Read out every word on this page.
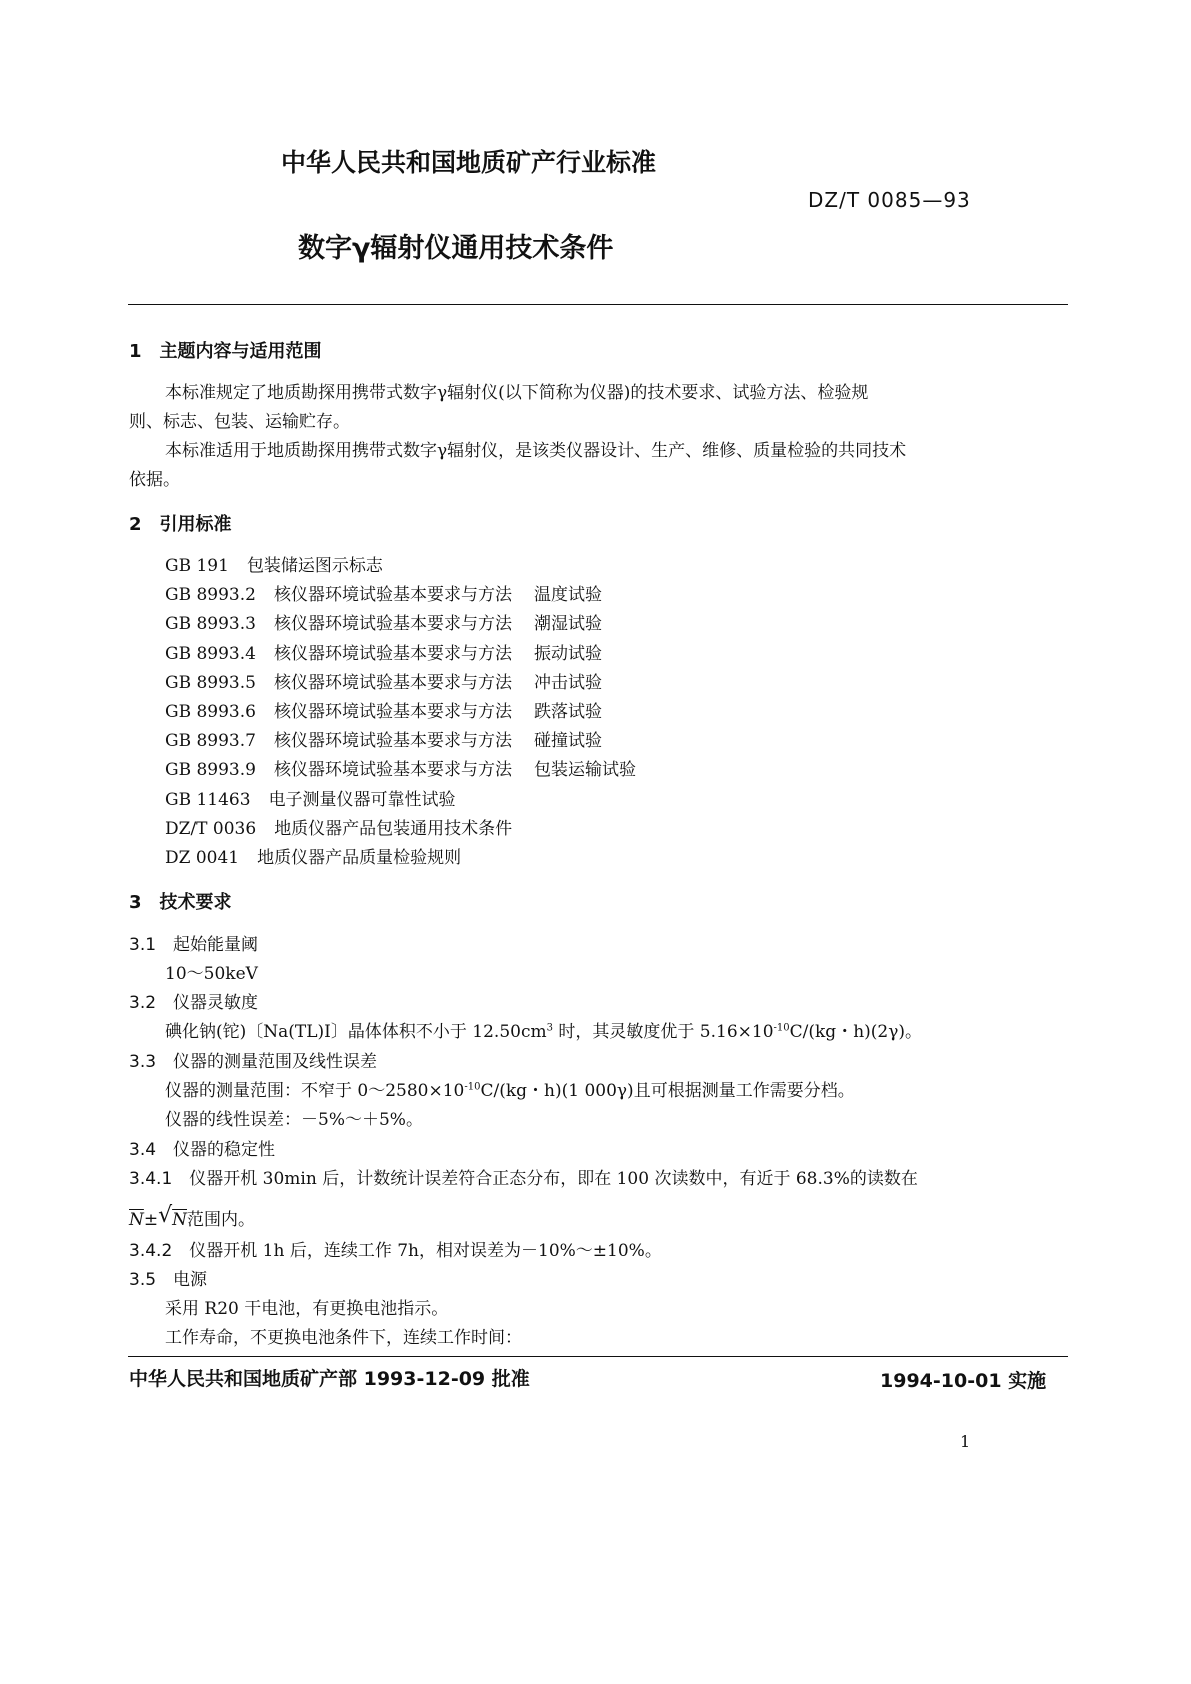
中华人民共和国地质矿产行业标准
DZ/T 0085—93
数字γ辐射仪通用技术条件
1　主题内容与适用范围
本标准规定了地质勘探用携带式数字γ辐射仪(以下简称为仪器)的技术要求、试验方法、检验规
则、标志、包装、运输贮存。
本标准适用于地质勘探用携带式数字γ辐射仪，是该类仪器设计、生产、维修、质量检验的共同技术
依据。
2　引用标准
GB 191 包装储运图示标志
GB 8993.2 核仪器环境试验基本要求与方法 温度试验
GB 8993.3 核仪器环境试验基本要求与方法 潮湿试验
GB 8993.4 核仪器环境试验基本要求与方法 振动试验
GB 8993.5 核仪器环境试验基本要求与方法 冲击试验
GB 8993.6 核仪器环境试验基本要求与方法 跌落试验
GB 8993.7 核仪器环境试验基本要求与方法 碰撞试验
GB 8993.9 核仪器环境试验基本要求与方法 包装运输试验
GB 11463 电子测量仪器可靠性试验
DZ/T 0036 地质仪器产品包装通用技术条件
DZ 0041 地质仪器产品质量检验规则
3　技术要求
3.1　 起始能量阈
10～50keV
3.2　 仪器灵敏度
碘化钠(铊)〔Na(TL)I〕晶体体积不小于 $12.50cm^3$ 时，其灵敏度优于 $5.16\times 10^{-10}C/(kg$・h)(2γ)。
3.3　 仪器的测量范围及线性误差
仪器的测量范围：不窄于 $0\sim 2580\times 10^{-10}C/(kg$・h)(1 000γ)且可根据测量工作需要分档。
仪器的线性误差：－5%～＋5%。
3.4　 仪器的稳定性
3.4.1　 仪器开机 30min 后，计数统计误差符合正态分布，即在 100 次读数中，有近于 68.3%的读数在
$\overline{N}\pm$ √ $\overline{N}$范围内。
3.4.2　 仪器开机 1h 后，连续工作 7h，相对误差为－10%～±10%。
3.5　 电源
采用 R20 干电池，有更换电池指示。
工作寿命，不更换电池条件下，连续工作时间：
中华人民共和国地质矿产部 1993-12-09 批准	1994-10-01 实施
1
